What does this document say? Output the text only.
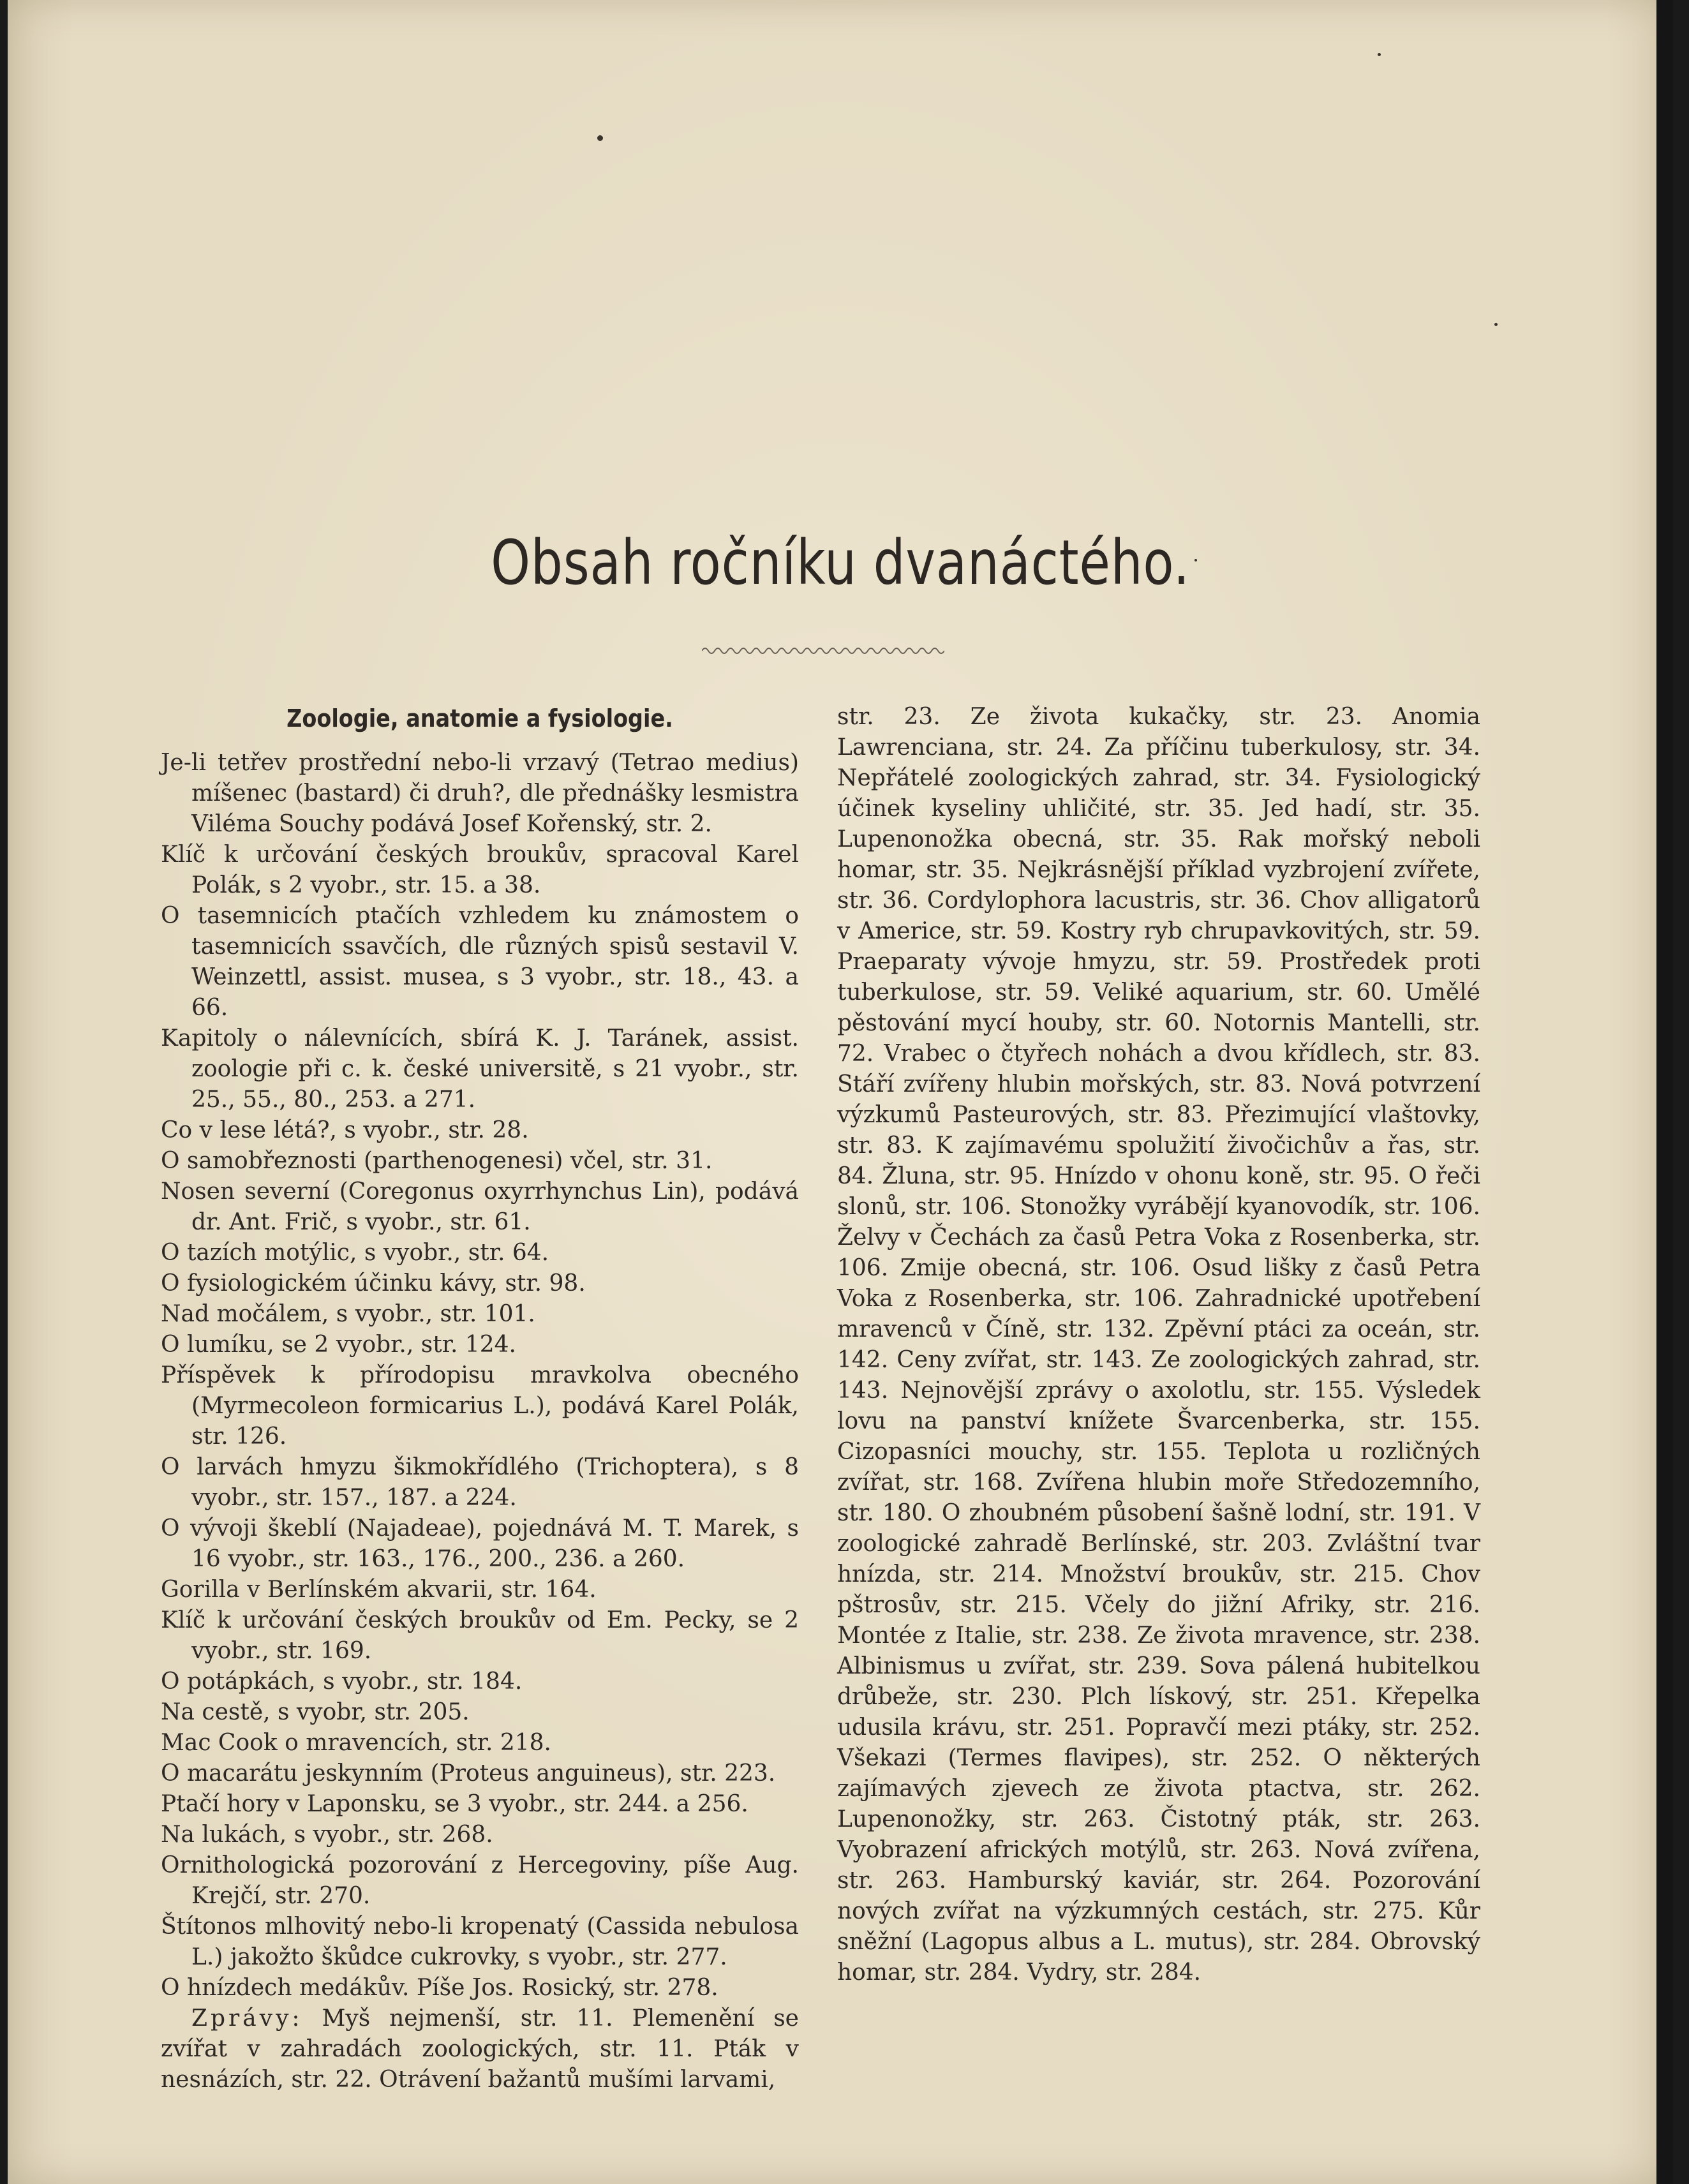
Obsah ročníku dvanáctého.
Zoologie, anatomie a fysiologie.

Je-li tetřev prostřední nebo-li vrzavý (Tetrao medius) míšenec (bastard) či druh?, dle přednášky lesmistra Viléma Souchy podává Josef Kořenský, str. 2.

Klíč k určování českých broukův, spracoval Karel Polák, s 2 vyobr., str. 15. a 38.

O tasemnicích ptačích vzhledem ku známostem o tasemnicích ssavčích, dle různých spisů sestavil V. Weinzettl, assist. musea, s 3 vyobr., str. 18., 43. a 66.

Kapitoly o nálevnících, sbírá K. J. Taránek, assist. zoologie při c. k. české universitě, s 21 vyobr., str. 25., 55., 80., 253. a 271.

Co v lese létá?, s vyobr., str. 28.

O samobřeznosti (parthenogenesi) včel, str. 31.

Nosen severní (Coregonus oxyrrhynchus Lin), podává dr. Ant. Frič, s vyobr., str. 61.

O tazích motýlic, s vyobr., str. 64.

O fysiologickém účinku kávy, str. 98.

Nad močálem, s vyobr., str. 101.

O lumíku, se 2 vyobr., str. 124.

Příspěvek k přírodopisu mravkolva obecného (Myrmecoleon formicarius L.), podává Karel Polák, str. 126.

O larvách hmyzu šikmokřídlého (Trichoptera), s 8 vyobr., str. 157., 187. a 224.

O vývoji škeblí (Najadeae), pojednává M. T. Marek, s 16 vyobr., str. 163., 176., 200., 236. a 260.

Gorilla v Berlínském akvarii, str. 164.

Klíč k určování českých broukův od Em. Pecky, se 2 vyobr., str. 169.

O potápkách, s vyobr., str. 184.

Na cestě, s vyobr, str. 205.

Mac Cook o mravencích, str. 218.

O macarátu jeskynním (Proteus anguineus), str. 223.

Ptačí hory v Laponsku, se 3 vyobr., str. 244. a 256.

Na lukách, s vyobr., str. 268.

Ornithologická pozorování z Hercegoviny, píše Aug. Krejčí, str. 270.

Štítonos mlhovitý nebo-li kropenatý (Cassida nebulosa L.) jakožto škůdce cukrovky, s vyobr., str. 277.

O hnízdech medákův. Píše Jos. Rosický, str. 278.

Zprávy: Myš nejmenší, str. 11. Plemenění se zvířat v zahradách zoologických, str. 11. Pták v nesnázích, str. 22. Otrávení bažantů mušími larvami,

str. 23. Ze života kukačky, str. 23. Anomia Lawrenciana, str. 24. Za příčinu tuberkulosy, str. 34. Nepřátelé zoologických zahrad, str. 34. Fysiologický účinek kyseliny uhličité, str. 35. Jed hadí, str. 35. Lupenonožka obecná, str. 35. Rak mořský neboli homar, str. 35. Nejkrásnější příklad vyzbrojení zvířete, str. 36. Cordylophora lacustris, str. 36. Chov alligatorů v Americe, str. 59. Kostry ryb chrupavkovitých, str. 59. Praeparaty vývoje hmyzu, str. 59. Prostředek proti tuberkulose, str. 59. Veliké aquarium, str. 60. Umělé pěstování mycí houby, str. 60. Notornis Mantelli, str. 72. Vrabec o čtyřech nohách a dvou křídlech, str. 83. Stáří zvířeny hlubin mořských, str. 83. Nová potvrzení výzkumů Pasteurových, str. 83. Přezimující vlaštovky, str. 83. K zajímavému spolužití živočichův a řas, str. 84. Žluna, str. 95. Hnízdo v ohonu koně, str. 95. O řeči slonů, str. 106. Stonožky vyrábějí kyanovodík, str. 106. Želvy v Čechách za časů Petra Voka z Rosenberka, str. 106. Zmije obecná, str. 106. Osud lišky z časů Petra Voka z Rosenberka, str. 106. Zahradnické upotřebení mravenců v Číně, str. 132. Zpěvní ptáci za oceán, str. 142. Ceny zvířat, str. 143. Ze zoologických zahrad, str. 143. Nejnovější zprávy o axolotlu, str. 155. Výsledek lovu na panství knížete Švarcenberka, str. 155. Cizopasníci mouchy, str. 155. Teplota u rozličných zvířat, str. 168. Zvířena hlubin moře Středozemního, str. 180. O zhoubném působení šašně lodní, str. 191. V zoologické zahradě Berlínské, str. 203. Zvláštní tvar hnízda, str. 214. Množství broukův, str. 215. Chov pštrosův, str. 215. Včely do jižní Afriky, str. 216. Montée z Italie, str. 238. Ze života mravence, str. 238. Albinismus u zvířat, str. 239. Sova pálená hubitelkou drůbeže, str. 230. Plch lískový, str. 251. Křepelka udusila krávu, str. 251. Popravčí mezi ptáky, str. 252. Všekazi (Termes flavipes), str. 252. O některých zajímavých zjevech ze života ptactva, str. 262. Lupenonožky, str. 263. Čistotný pták, str. 263. Vyobrazení afrických motýlů, str. 263. Nová zvířena, str. 263. Hamburský kaviár, str. 264. Pozorování nových zvířat na výzkumných cestách, str. 275. Kůr sněžní (Lagopus albus a L. mutus), str. 284. Obrovský homar, str. 284. Vydry, str. 284.
